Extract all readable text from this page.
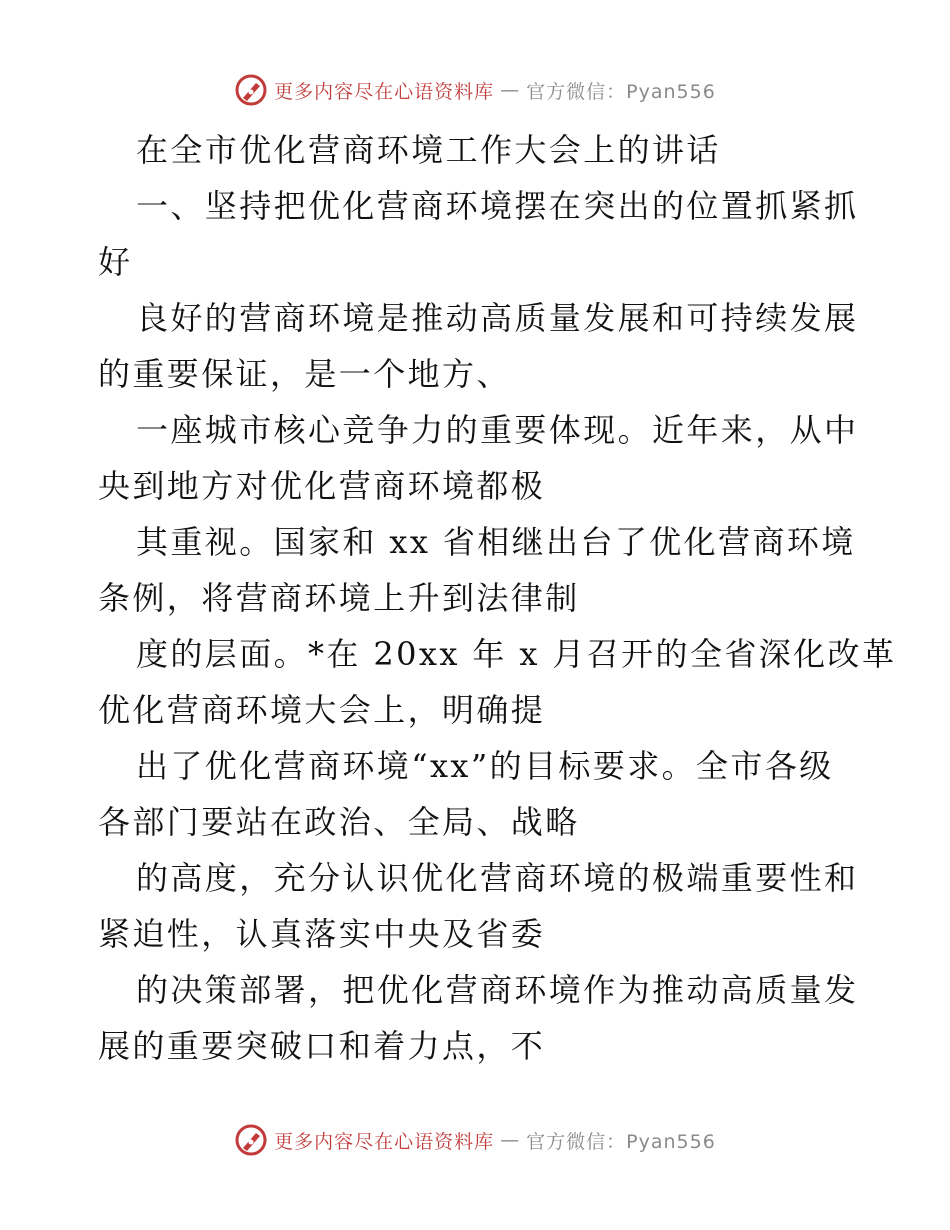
更多内容尽在心语资料库 — 官方微信：Pyan556
在全市优化营商环境工作大会上的讲话
一、坚持把优化营商环境摆在突出的位置抓紧抓
好
良好的营商环境是推动高质量发展和可持续发展
的重要保证，是一个地方、
一座城市核心竞争力的重要体现。近年来，从中
央到地方对优化营商环境都极
其重视。国家和 xx 省相继出台了优化营商环境
条例，将营商环境上升到法律制
度的层面。*在 20xx 年 x 月召开的全省深化改革
优化营商环境大会上，明确提
出了优化营商环境“xx”的目标要求。全市各级
各部门要站在政治、全局、战略
的高度，充分认识优化营商环境的极端重要性和
紧迫性，认真落实中央及省委
的决策部署，把优化营商环境作为推动高质量发
展的重要突破口和着力点，不
更多内容尽在心语资料库 — 官方微信：Pyan556
